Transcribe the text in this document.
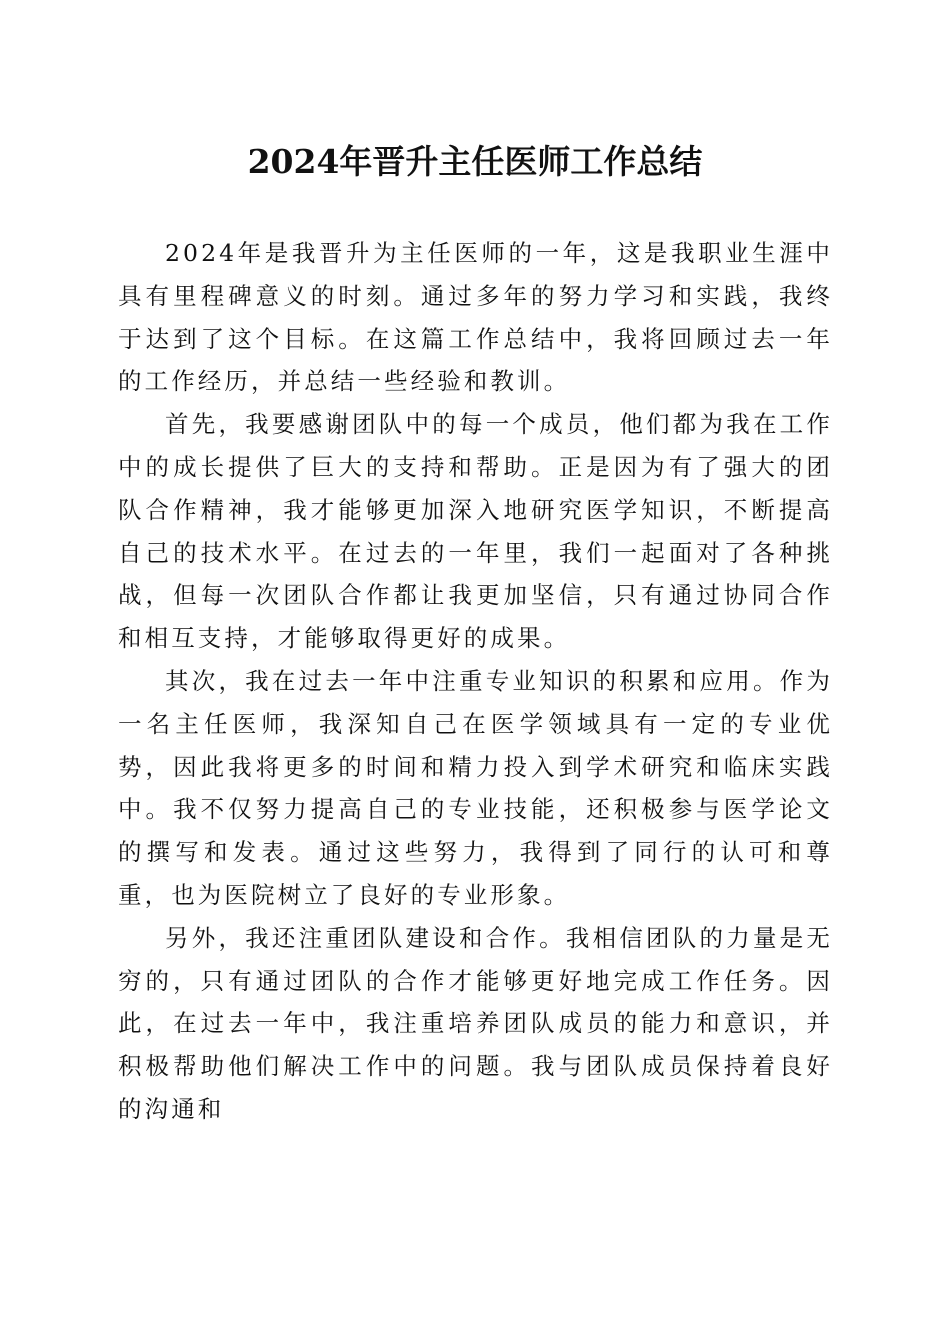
2024年晋升主任医师工作总结

2024年是我晋升为主任医师的一年，这是我职业生涯中具有里程碑意义的时刻。通过多年的努力学习和实践，我终于达到了这个目标。在这篇工作总结中，我将回顾过去一年的工作经历，并总结一些经验和教训。

首先，我要感谢团队中的每一个成员，他们都为我在工作中的成长提供了巨大的支持和帮助。正是因为有了强大的团队合作精神，我才能够更加深入地研究医学知识，不断提高自己的技术水平。在过去的一年里，我们一起面对了各种挑战，但每一次团队合作都让我更加坚信，只有通过协同合作和相互支持，才能够取得更好的成果。

其次，我在过去一年中注重专业知识的积累和应用。作为一名主任医师，我深知自己在医学领域具有一定的专业优势，因此我将更多的时间和精力投入到学术研究和临床实践中。我不仅努力提高自己的专业技能，还积极参与医学论文的撰写和发表。通过这些努力，我得到了同行的认可和尊重，也为医院树立了良好的专业形象。

另外，我还注重团队建设和合作。我相信团队的力量是无穷的，只有通过团队的合作才能够更好地完成工作任务。因此，在过去一年中，我注重培养团队成员的能力和意识，并积极帮助他们解决工作中的问题。我与团队成员保持着良好的沟通和
